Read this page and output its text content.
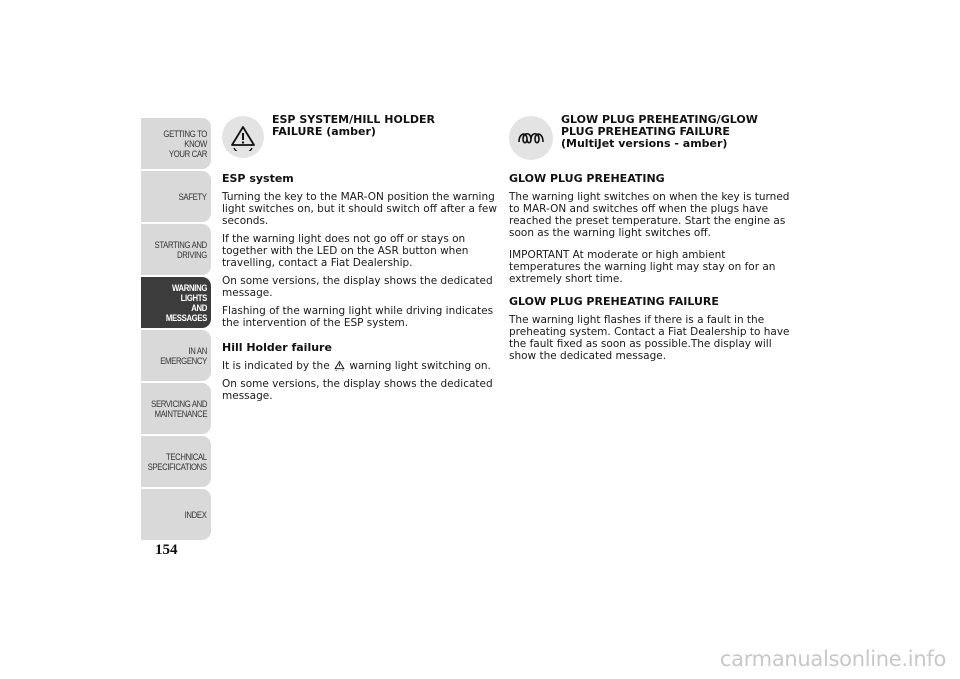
GETTING TO KNOW
YOUR CAR
SAFETY
STARTING AND
DRIVING
WARNING LIGHTS
AND MESSAGES
IN AN EMERGENCY
SERVICING AND
MAINTENANCE
TECHNICAL
SPECIFICATIONS
INDEX
154
ESP SYSTEM/HILL HOLDER
FAILURE (amber)
ESP system

Turning the key to the MAR-ON position the warning light switches on, but it should switch off after a few seconds.

If the warning light does not go off or stays on together with the LED on the ASR button when travelling, contact a Fiat Dealership.

On some versions, the display shows the dedicated message.

Flashing of the warning light while driving indicates the intervention of the ESP system.

Hill Holder failure

It is indicated by the  warning light switching on.

On some versions, the display shows the dedicated message.

GLOW PLUG PREHEATING/GLOW
PLUG PREHEATING FAILURE
(MultiJet versions - amber)
GLOW PLUG PREHEATING

The warning light switches on when the key is turned to MAR-ON and switches off when the plugs have reached the preset temperature. Start the engine as soon as the warning light switches off.

IMPORTANT At moderate or high ambient temperatures the warning light may stay on for an extremely short time.

GLOW PLUG PREHEATING FAILURE

The warning light flashes if there is a fault in the preheating system. Contact a Fiat Dealership to have the fault fixed as soon as possible.The display will show the dedicated message.

carmanualsonline.info
